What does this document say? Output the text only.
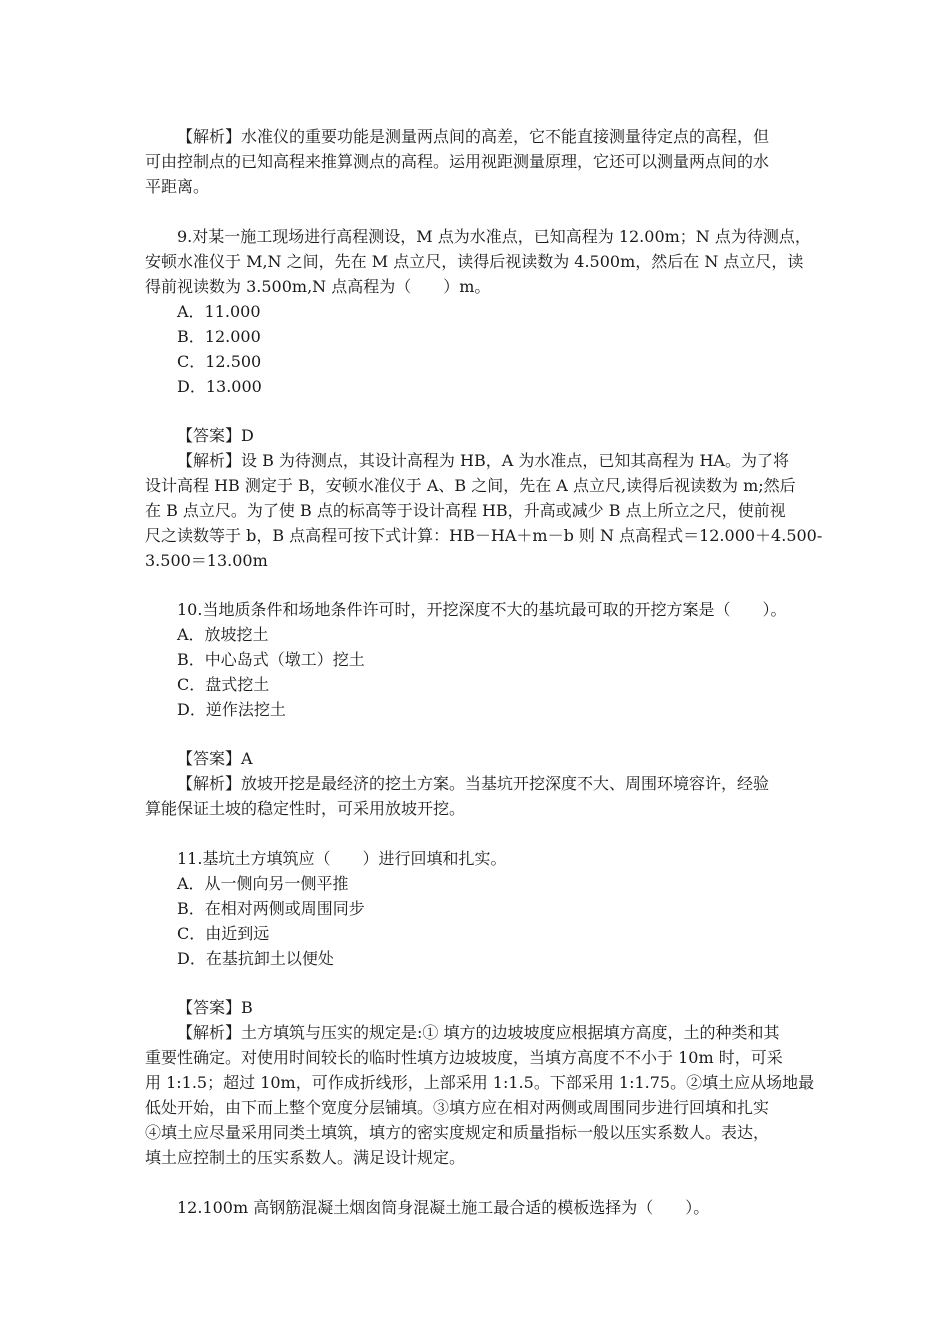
【解析】水准仪的重要功能是测量两点间的高差，它不能直接测量待定点的高程，但
可由控制点的已知高程来推算测点的高程。运用视距测量原理，它还可以测量两点间的水
平距离。
9.对某一施工现场进行高程测设，M 点为水准点，已知高程为 12.00m；N 点为待测点，
安顿水准仪于 M,N 之间，先在 M 点立尺，读得后视读数为 4.500m，然后在 N 点立尺，读
得前视读数为 3.500m,N 点高程为（　　）m。
A．11.000
B．12.000
C．12.500
D．13.000
【答案】D
【解析】设 B 为待测点，其设计高程为 HB，A 为水准点，已知其高程为 HA。为了将
设计高程 HB 测定于 B，安顿水准仪于 A、B 之间，先在 A 点立尺,读得后视读数为 m;然后
在 B 点立尺。为了使 B 点的标高等于设计高程 HB，升高或减少 B 点上所立之尺，使前视
尺之读数等于 b，B 点高程可按下式计算：HB－HA＋m－b 则 N 点高程式＝12.000＋4.500-
3.500＝13.00m
10.当地质条件和场地条件许可时，开挖深度不大的基坑最可取的开挖方案是（　　）。
A．放坡挖土
B．中心岛式（墩工）挖土
C．盘式挖土
D．逆作法挖土
【答案】A
【解析】放坡开挖是最经济的挖土方案。当基坑开挖深度不大、周围环境容许，经验
算能保证土坡的稳定性时，可采用放坡开挖。
11.基坑土方填筑应（　　）进行回填和扎实。
A．从一侧向另一侧平推
B．在相对两侧或周围同步
C．由近到远
D．在基抗卸土以便处
【答案】B
【解析】土方填筑与压实的规定是:① 填方的边坡坡度应根据填方高度，土的种类和其
重要性确定。对使用时间较长的临时性填方边坡坡度，当填方高度不不小于 10m 时，可采
用 1:1.5；超过 10m，可作成折线形，上部采用 1:1.5。下部采用 1:1.75。②填土应从场地最
低处开始，由下而上整个宽度分层铺填。③填方应在相对两侧或周围同步进行回填和扎实
④填土应尽量采用同类土填筑，填方的密实度规定和质量指标一般以压实系数人。表达，
填土应控制土的压实系数人。满足设计规定。
12.100m 高钢筋混凝土烟囱筒身混凝土施工最合适的模板选择为（　　）。
